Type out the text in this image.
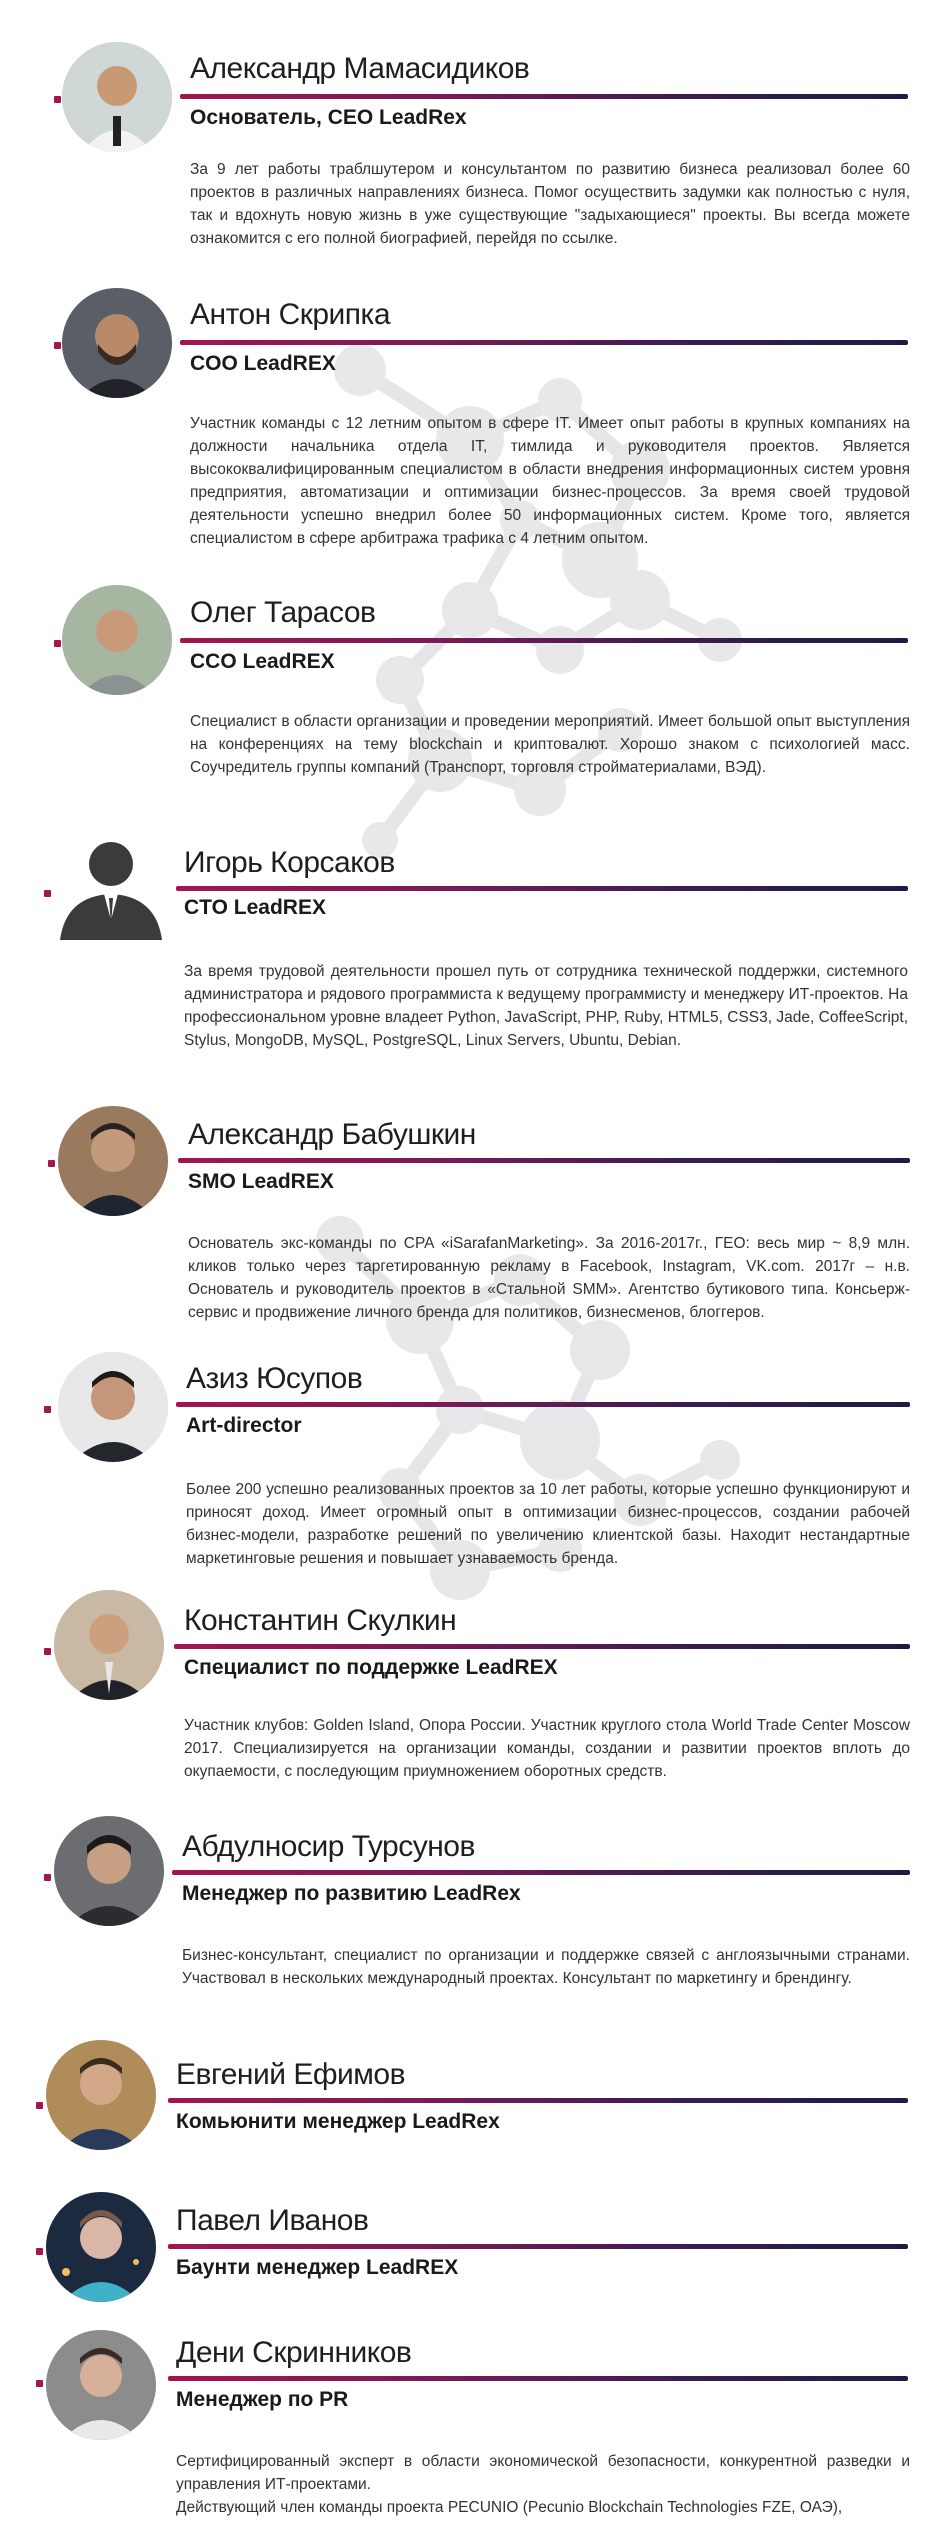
Александр Мамасидиков
Основатель, CEO LeadRex

За 9 лет работы траблшутером и консультантом по развитию бизнеса реализовал более 60 проектов в различных направлениях бизнеса. Помог осуществить задумки как полностью с нуля, так и вдохнуть новую жизнь в уже существующие "задыхающиеся" проекты. Вы всегда можете ознакомится с его полной биографией, перейдя по ссылке.

Антон Скрипка
COO LeadREX

Участник команды с 12 летним опытом в сфере IT. Имеет опыт работы в крупных компаниях на должности начальника отдела IT, тимлида и руководителя проектов. Является высококвалифицированным специалистом в области внедрения информационных систем уровня предприятия, автоматизации и оптимизации бизнес-процессов. За время своей трудовой деятельности успешно внедрил более 50 информационных систем. Кроме того, является специалистом в сфере арбитража трафика с 4 летним опытом.

Олег Тарасов
CCO LeadREX

Специалист в области организации и проведении мероприятий. Имеет большой опыт выступления на конференциях на тему blockchain и криптовалют. Хорошо знаком с психологией масс. Соучредитель группы компаний (Транспорт, торговля стройматериалами, ВЭД).

Игорь Корсаков
CTO LeadREX

За время трудовой деятельности прошел путь от сотрудника технической поддержки, системного администратора и рядового программиста к ведущему программисту и менеджеру ИТ-проектов. На профессиональном уровне владеет Python, JavaScript, PHP, Ruby, HTML5, CSS3, Jade, CoffeeScript, Stylus, MongoDB, MySQL, PostgreSQL, Linux Servers, Ubuntu, Debian.

Александр Бабушкин
SMO LeadREX

Основатель экс-команды по CPA «iSarafanMarketing». За 2016-2017г., ГЕО: весь мир ~ 8,9 млн. кликов только через таргетированную рекламу в Facebook, Instagram, VK.com. 2017г – н.в. Основатель и руководитель проектов в «Стальной SMM». Агентство бутикового типа. Консьерж-сервис и продвижение личного бренда для политиков, бизнесменов, блоггеров.

Азиз Юсупов
Art-director

Более 200 успешно реализованных проектов за 10 лет работы, которые успешно функционируют и приносят доход. Имеет огромный опыт в оптимизации бизнес-процессов, создании рабочей бизнес-модели, разработке решений по увеличению клиентской базы. Находит нестандартные маркетинговые решения и повышает узнаваемость бренда.

Константин Скулкин
Специалист по поддержке LeadREX

Участник клубов: Golden Island, Опора России. Участник круглого стола World Trade Center Moscow 2017. Специализируется на организации команды, создании и развитии проектов вплоть до окупаемости, с последующим приумножением оборотных средств.

Абдулносир Турсунов
Менеджер по развитию LeadRex

Бизнес-консультант, специалист по организации и поддержке связей с англоязычными странами. Участвовал в нескольких международный проектах. Консультант по маркетингу и брендингу.

Евгений Ефимов
Комьюнити менеджер LeadRex
Павел Иванов
Баунти менеджер LeadREX
Дени Скринников
Менеджер по PR

Сертифицированный эксперт в области экономической безопасности, конкурентной разведки и управления ИТ-проектами.
Действующий член команды проекта PECUNIO (Pecunio Blockchain Technologies FZE, ОАЭ),
